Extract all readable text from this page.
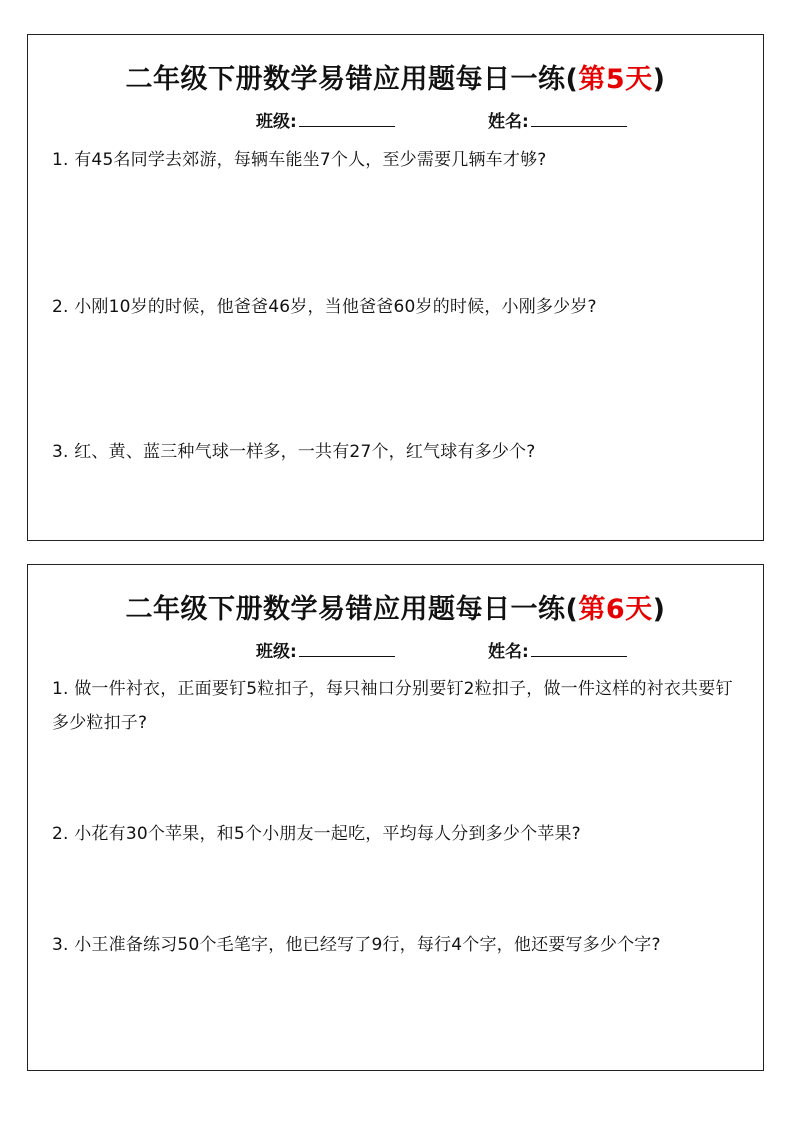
二年级下册数学易错应用题每日一练(第5天)
班级:	姓名:
1. 有45名同学去郊游，每辆车能坐7个人，至少需要几辆车才够?
2. 小刚10岁的时候，他爸爸46岁，当他爸爸60岁的时候，小刚多少岁?
3. 红、黄、蓝三种气球一样多，一共有27个，红气球有多少个?
二年级下册数学易错应用题每日一练(第6天)
班级:	姓名:
1. 做一件衬衣，正面要钉5粒扣子，每只袖口分别要钉2粒扣子，做一件这样的衬衣共要钉多少粒扣子?
2. 小花有30个苹果，和5个小朋友一起吃，平均每人分到多少个苹果?
3. 小王准备练习50个毛笔字，他已经写了9行，每行4个字，他还要写多少个字?
